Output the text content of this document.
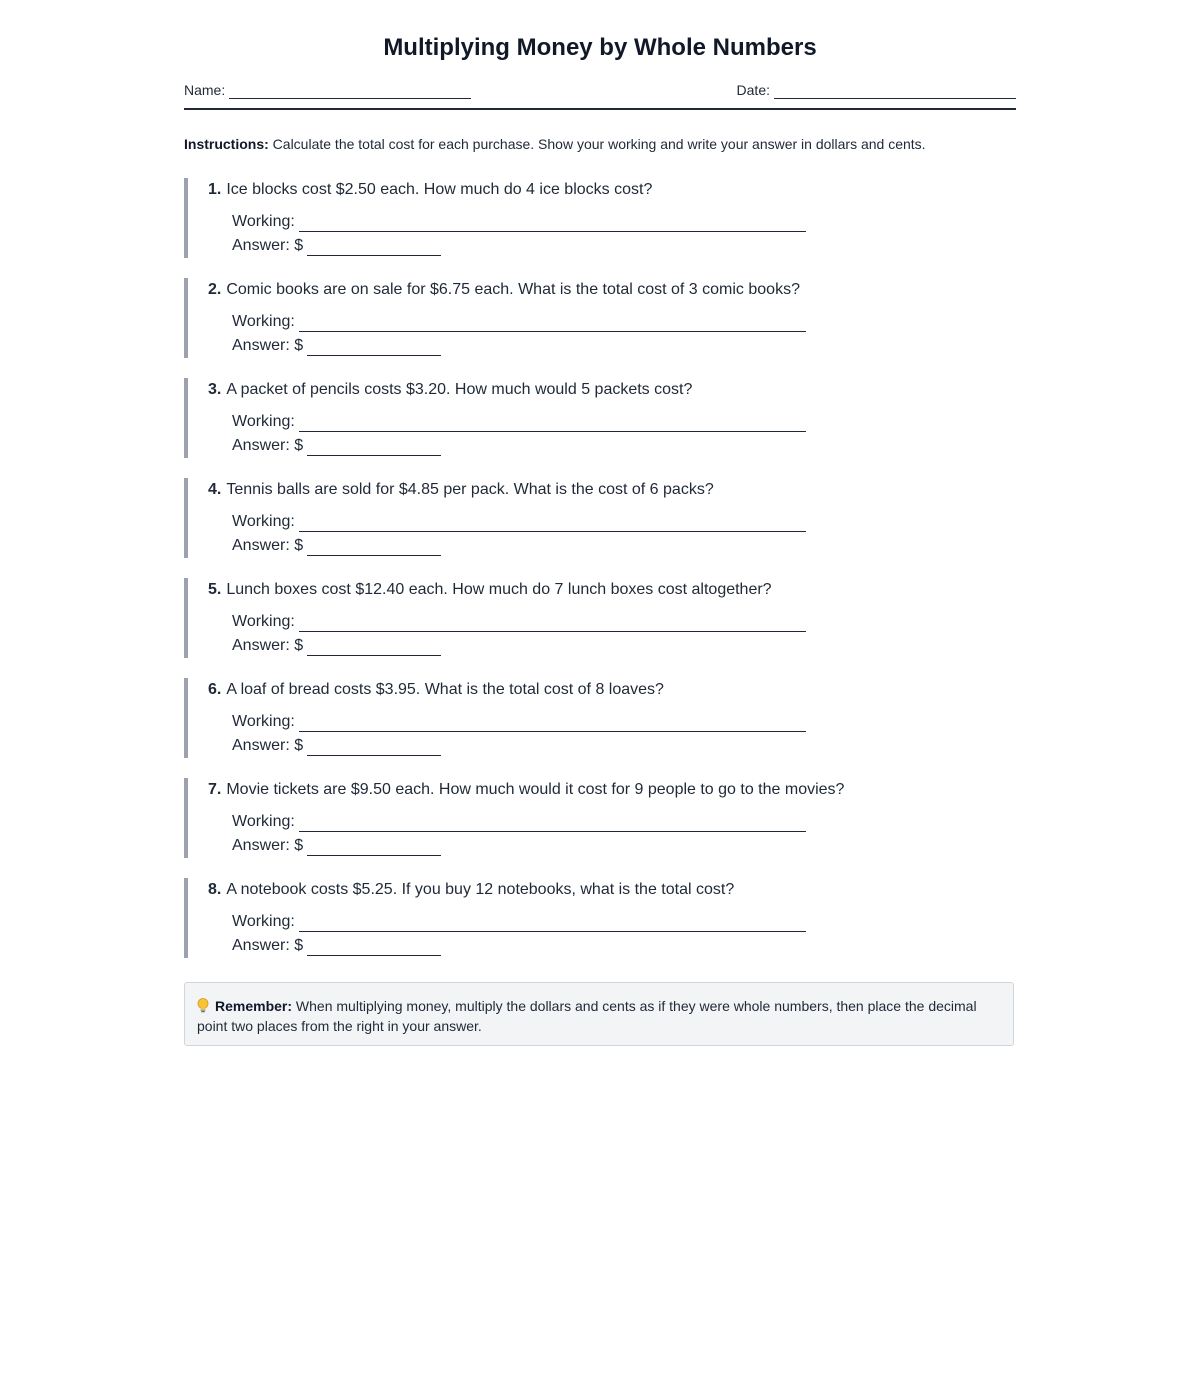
Multiplying Money by Whole Numbers
Name:	Date:
Instructions: Calculate the total cost for each purchase. Show your working and write your answer in dollars and cents.
1. Ice blocks cost $2.50 each. How much do 4 ice blocks cost?
Working:
Answer: $
2. Comic books are on sale for $6.75 each. What is the total cost of 3 comic books?
Working:
Answer: $
3. A packet of pencils costs $3.20. How much would 5 packets cost?
Working:
Answer: $
4. Tennis balls are sold for $4.85 per pack. What is the cost of 6 packs?
Working:
Answer: $
5. Lunch boxes cost $12.40 each. How much do 7 lunch boxes cost altogether?
Working:
Answer: $
6. A loaf of bread costs $3.95. What is the total cost of 8 loaves?
Working:
Answer: $
7. Movie tickets are $9.50 each. How much would it cost for 9 people to go to the movies?
Working:
Answer: $
8. A notebook costs $5.25. If you buy 12 notebooks, what is the total cost?
Working:
Answer: $
Remember: When multiplying money, multiply the dollars and cents as if they were whole numbers, then place the decimal point two places from the right in your answer.
